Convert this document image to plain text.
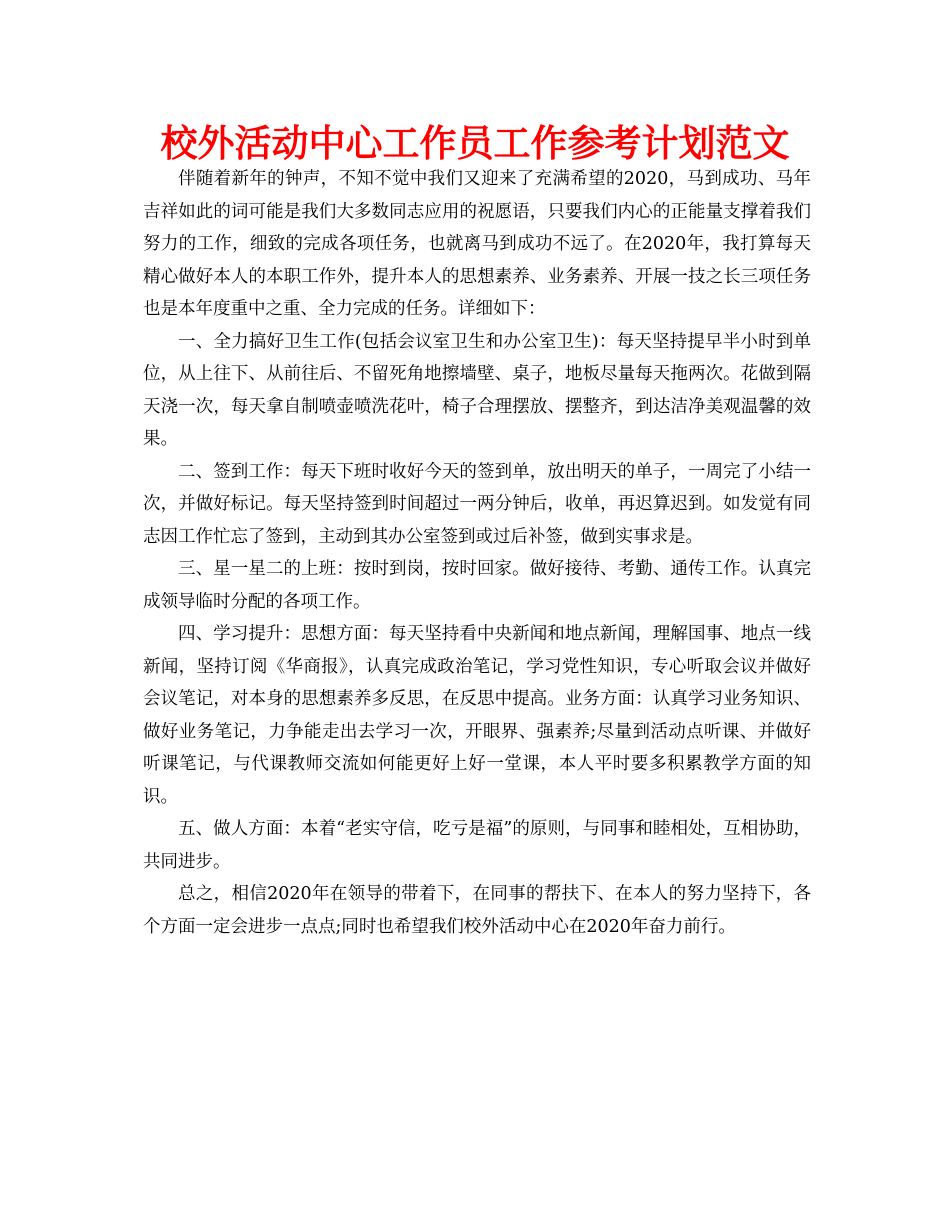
校外活动中心工作员工作参考计划范文

伴随着新年的钟声，不知不觉中我们又迎来了充满希望的2020，马到成功、马年吉祥如此的词可能是我们大多数同志应用的祝愿语，只要我们内心的正能量支撑着我们努力的工作，细致的完成各项任务，也就离马到成功不远了。在2020年，我打算每天精心做好本人的本职工作外，提升本人的思想素养、业务素养、开展一技之长三项任务也是本年度重中之重、全力完成的任务。详细如下：

一、全力搞好卫生工作(包括会议室卫生和办公室卫生)：每天坚持提早半小时到单位，从上往下、从前往后、不留死角地擦墙壁、桌子，地板尽量每天拖两次。花做到隔天浇一次，每天拿自制喷壶喷洗花叶，椅子合理摆放、摆整齐，到达洁净美观温馨的效果。

二、签到工作：每天下班时收好今天的签到单，放出明天的单子，一周完了小结一次，并做好标记。每天坚持签到时间超过一两分钟后，收单，再迟算迟到。如发觉有同志因工作忙忘了签到，主动到其办公室签到或过后补签，做到实事求是。

三、星一星二的上班：按时到岗，按时回家。做好接待、考勤、通传工作。认真完成领导临时分配的各项工作。

四、学习提升：思想方面：每天坚持看中央新闻和地点新闻，理解国事、地点一线新闻，坚持订阅《华商报》，认真完成政治笔记，学习党性知识，专心听取会议并做好会议笔记，对本身的思想素养多反思，在反思中提高。业务方面：认真学习业务知识、做好业务笔记，力争能走出去学习一次，开眼界、强素养;尽量到活动点听课、并做好听课笔记，与代课教师交流如何能更好上好一堂课，本人平时要多积累教学方面的知识。

五、做人方面：本着“老实守信，吃亏是福”的原则，与同事和睦相处，互相协助，共同进步。

总之，相信2020年在领导的带着下，在同事的帮扶下、在本人的努力坚持下，各个方面一定会进步一点点;同时也希望我们校外活动中心在2020年奋力前行。
